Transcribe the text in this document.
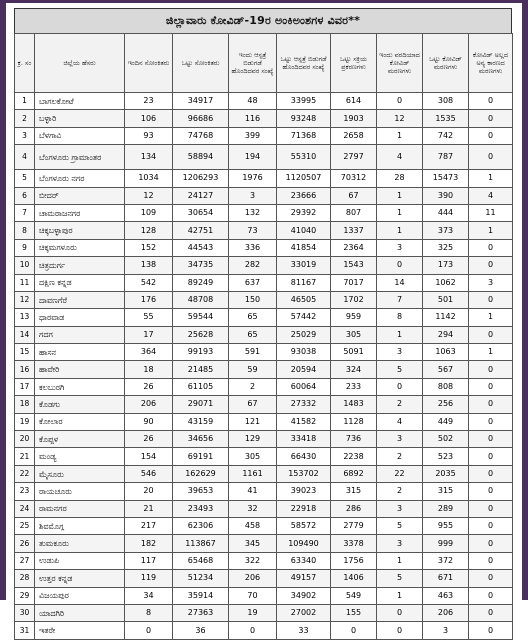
ಜಿಲ್ಲಾವಾರು ಕೋವಿಡ್-19ರ ಅಂಕಿಅಂಶಗಳ ವಿವರ**
ಕ್ರ. ಸಂ	ಜಿಲ್ಲೆಯ ಹೆಸರು	ಇಂದಿನ ಸೋಂಕಿತರು	ಒಟ್ಟು ಸೋಂಕಿತರು	ಇಂದು ಆಸ್ಪತ್ರೆ ಬಿಡುಗಡೆ ಹೊಂದಿದವರ ಸಂಖ್ಯೆ	ಒಟ್ಟು ಆಸ್ಪತ್ರೆ ಬಿಡುಗಡೆ ಹೊಂದಿದವರ ಸಂಖ್ಯೆ	ಒಟ್ಟು ಸಕ್ರಿಯ ಪ್ರಕರಣಗಳು	ಇಂದು ವರದಿಯಾದ ಕೋವಿಡ್ ಮರಣಗಳು	ಒಟ್ಟು ಕೋವಿಡ್ ಮರಣಗಳು	ಕೋವಿಡ್ ಅಲ್ಲದ ಅನ್ಯ ಕಾರಣದ ಮರಣಗಳು
1	ಬಾಗಲಕೋಟೆ	23	34917	48	33995	614	0	308	0
2	ಬಳ್ಳಾರಿ	106	96686	116	93248	1903	12	1535	0
3	ಬೆಳಗಾವಿ	93	74768	399	71368	2658	1	742	0
4	ಬೆಂಗಳೂರು ಗ್ರಾಮಾಂತರ	134	58894	194	55310	2797	4	787	0
5	ಬೆಂಗಳೂರು ನಗರ	1034	1206293	1976	1120507	70312	28	15473	1
6	ಬೀದರ್	12	24127	3	23666	67	1	390	4
7	ಚಾಮರಾಜನಗರ	109	30654	132	29392	807	1	444	11
8	ಚಿಕ್ಕಬಳ್ಳಾಪುರ	128	42751	73	41040	1337	1	373	1
9	ಚಿಕ್ಕಮಗಳೂರು	152	44543	336	41854	2364	3	325	0
10	ಚಿತ್ರದುರ್ಗ	138	34735	282	33019	1543	0	173	0
11	ದಕ್ಷಿಣ ಕನ್ನಡ	542	89249	637	81167	7017	14	1062	3
12	ದಾವಣಗೆರೆ	176	48708	150	46505	1702	7	501	0
13	ಧಾರವಾಡ	55	59544	65	57442	959	8	1142	1
14	ಗದಗ	17	25628	65	25029	305	1	294	0
15	ಹಾಸನ	364	99193	591	93038	5091	3	1063	1
16	ಹಾವೇರಿ	18	21485	59	20594	324	5	567	0
17	ಕಲಬುರಗಿ	26	61105	2	60064	233	0	808	0
18	ಕೊಡಗು	206	29071	67	27332	1483	2	256	0
19	ಕೋಲಾರ	90	43159	121	41582	1128	4	449	0
20	ಕೊಪ್ಪಳ	26	34656	129	33418	736	3	502	0
21	ಮಂಡ್ಯ	154	69191	305	66430	2238	2	523	0
22	ಮೈಸೂರು	546	162629	1161	153702	6892	22	2035	0
23	ರಾಯಚೂರು	20	39653	41	39023	315	2	315	0
24	ರಾಮನಗರ	21	23493	32	22918	286	3	289	0
25	ಶಿವಮೊಗ್ಗ	217	62306	458	58572	2779	5	955	0
26	ತುಮಕೂರು	182	113867	345	109490	3378	3	999	0
27	ಉಡುಪಿ	117	65468	322	63340	1756	1	372	0
28	ಉತ್ತರ ಕನ್ನಡ	119	51234	206	49157	1406	5	671	0
29	ವಿಜಯಪುರ	34	35914	70	34902	549	1	463	0
30	ಯಾದಗಿರಿ	8	27363	19	27002	155	0	206	0
31	ಇತರೇ	0	36	0	33	0	0	3	0
